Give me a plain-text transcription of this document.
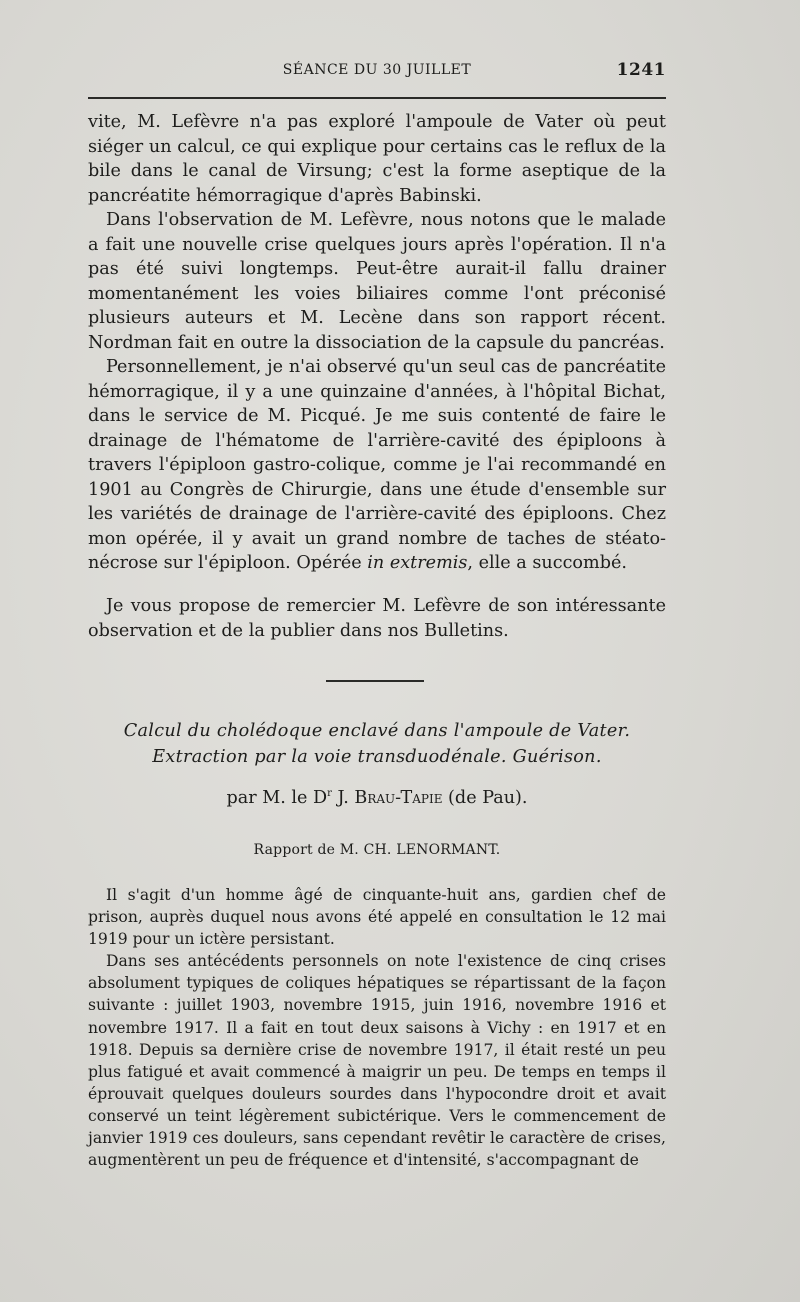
SÉANCE DU 30 JUILLET	1241

vite, M. Lefèvre n'a pas exploré l'ampoule de Vater où peut siéger un calcul, ce qui explique pour certains cas le reflux de la bile dans le canal de Virsung; c'est la forme aseptique de la pancréatite hémorragique d'après Babinski.

Dans l'observation de M. Lefèvre, nous notons que le malade a fait une nouvelle crise quelques jours après l'opération. Il n'a pas été suivi longtemps. Peut-être aurait-il fallu drainer momentanément les voies biliaires comme l'ont préconisé plusieurs auteurs et M. Lecène dans son rapport récent. Nordman fait en outre la dissociation de la capsule du pancréas.

Personnellement, je n'ai observé qu'un seul cas de pancréatite hémorragique, il y a une quinzaine d'années, à l'hôpital Bichat, dans le service de M. Picqué. Je me suis contenté de faire le drainage de l'hématome de l'arrière-cavité des épiploons à travers l'épiploon gastro-colique, comme je l'ai recommandé en 1901 au Congrès de Chirurgie, dans une étude d'ensemble sur les variétés de drainage de l'arrière-cavité des épiploons. Chez mon opérée, il y avait un grand nombre de taches de stéato-nécrose sur l'épiploon. Opérée in extremis, elle a succombé.

Je vous propose de remercier M. Lefèvre de son intéressante observation et de la publier dans nos Bulletins.

Calcul du cholédoque enclavé dans l'ampoule de Vater.
Extraction par la voie transduodénale. Guérison.
par M. le $D^r$ J. Brau-Tapie (de Pau).
Rapport de M. CH. LENORMANT.

Il s'agit d'un homme âgé de cinquante-huit ans, gardien chef de prison, auprès duquel nous avons été appelé en consultation le 12 mai 1919 pour un ictère persistant.

Dans ses antécédents personnels on note l'existence de cinq crises absolument typiques de coliques hépatiques se répartissant de la façon suivante : juillet 1903, novembre 1915, juin 1916, novembre 1916 et novembre 1917. Il a fait en tout deux saisons à Vichy : en 1917 et en 1918. Depuis sa dernière crise de novembre 1917, il était resté un peu plus fatigué et avait commencé à maigrir un peu. De temps en temps il éprouvait quelques douleurs sourdes dans l'hypocondre droit et avait conservé un teint légèrement subictérique. Vers le commencement de janvier 1919 ces douleurs, sans cependant revêtir le caractère de crises, augmentèrent un peu de fréquence et d'intensité, s'accompagnant de
